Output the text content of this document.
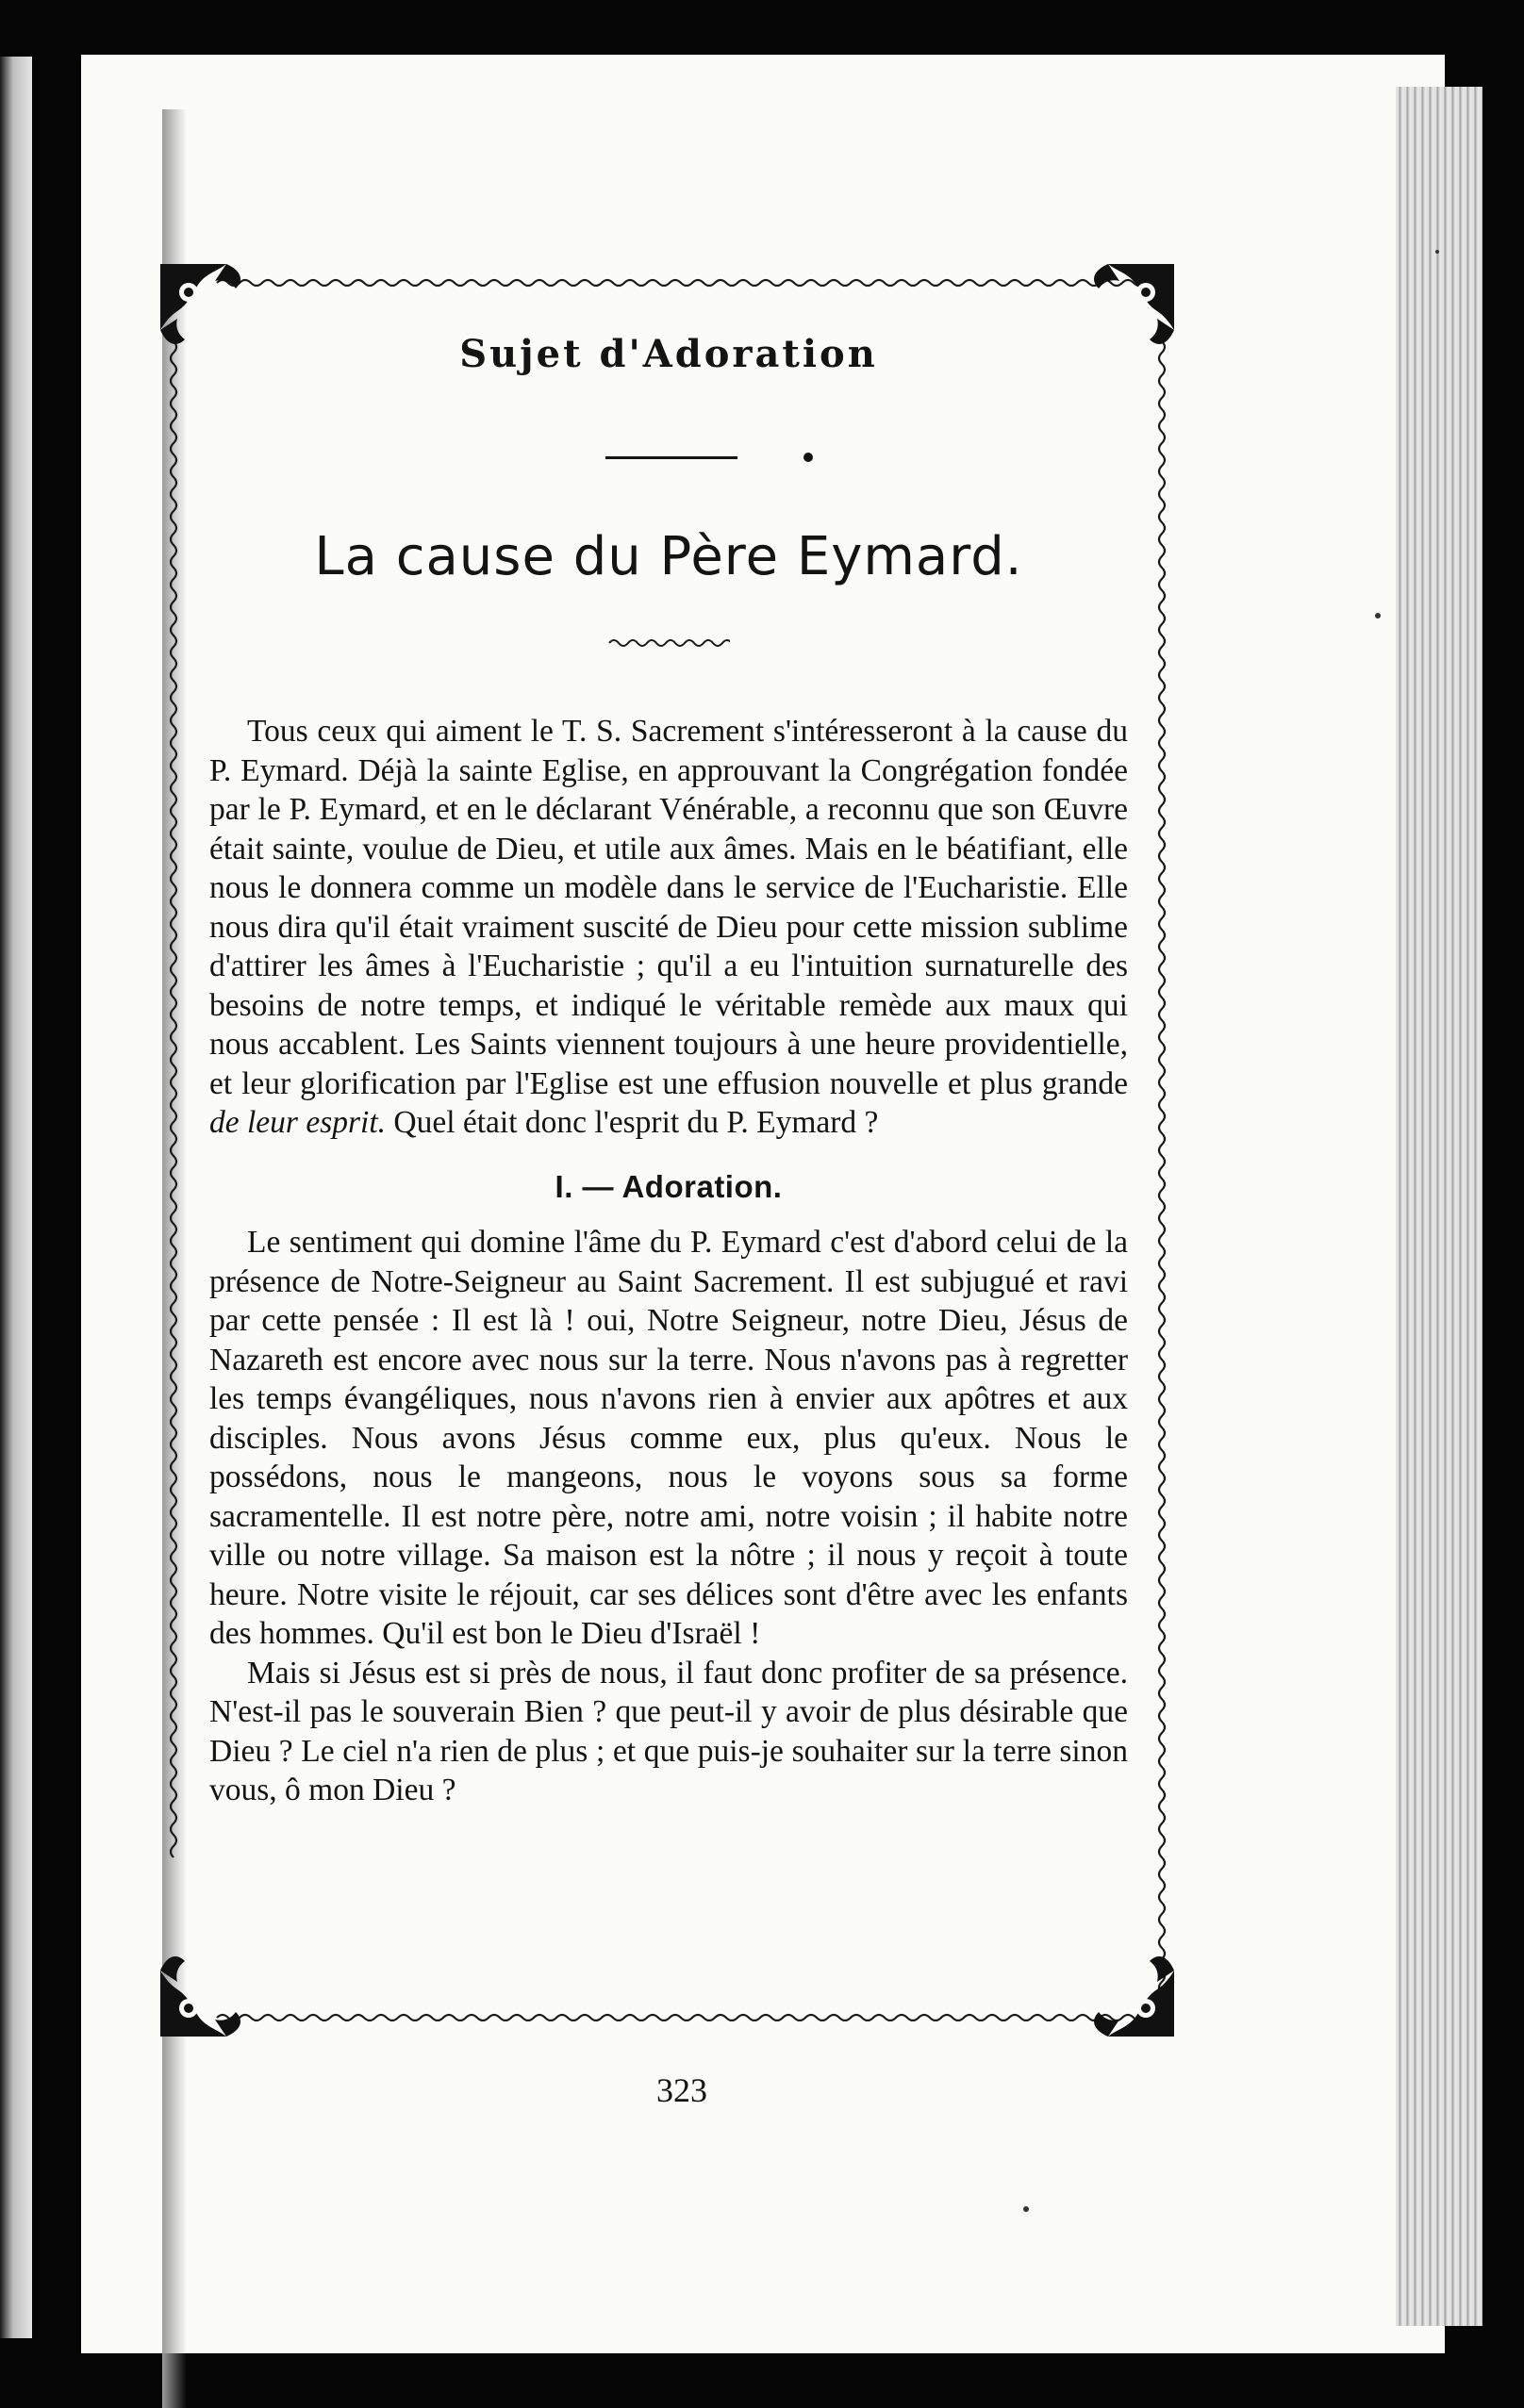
Sujet d'Adoration
La cause du Père Eymard.

Tous ceux qui aiment le T. S. Sacrement s'intéresseront à la cause du P. Eymard. Déjà la sainte Eglise, en approuvant la Congrégation fondée par le P. Eymard, et en le déclarant Vénérable, a reconnu que son Œuvre était sainte, voulue de Dieu, et utile aux âmes. Mais en le béatifiant, elle nous le donnera comme un modèle dans le service de l'Eucharistie. Elle nous dira qu'il était vraiment suscité de Dieu pour cette mission sublime d'attirer les âmes à l'Eucharistie ; qu'il a eu l'intuition surnaturelle des besoins de notre temps, et indiqué le véritable remède aux maux qui nous accablent. Les Saints viennent toujours à une heure providentielle, et leur glorification par l'Eglise est une effusion nouvelle et plus grande de leur esprit. Quel était donc l'esprit du P. Eymard ?

I. — Adoration.

Le sentiment qui domine l'âme du P. Eymard c'est d'abord celui de la présence de Notre-Seigneur au Saint Sacrement. Il est subjugué et ravi par cette pensée : Il est là ! oui, Notre Seigneur, notre Dieu, Jésus de Nazareth est encore avec nous sur la terre. Nous n'avons pas à regretter les temps évangéliques, nous n'avons rien à envier aux apôtres et aux disciples. Nous avons Jésus comme eux, plus qu'eux. Nous le possédons, nous le mangeons, nous le voyons sous sa forme sacramentelle. Il est notre père, notre ami, notre voisin ; il habite notre ville ou notre village. Sa maison est la nôtre ; il nous y reçoit à toute heure. Notre visite le réjouit, car ses délices sont d'être avec les enfants des hommes. Qu'il est bon le Dieu d'Israël !

Mais si Jésus est si près de nous, il faut donc profiter de sa présence. N'est-il pas le souverain Bien ? que peut-il y avoir de plus désirable que Dieu ? Le ciel n'a rien de plus ; et que puis-je souhaiter sur la terre sinon vous, ô mon Dieu ?

323
